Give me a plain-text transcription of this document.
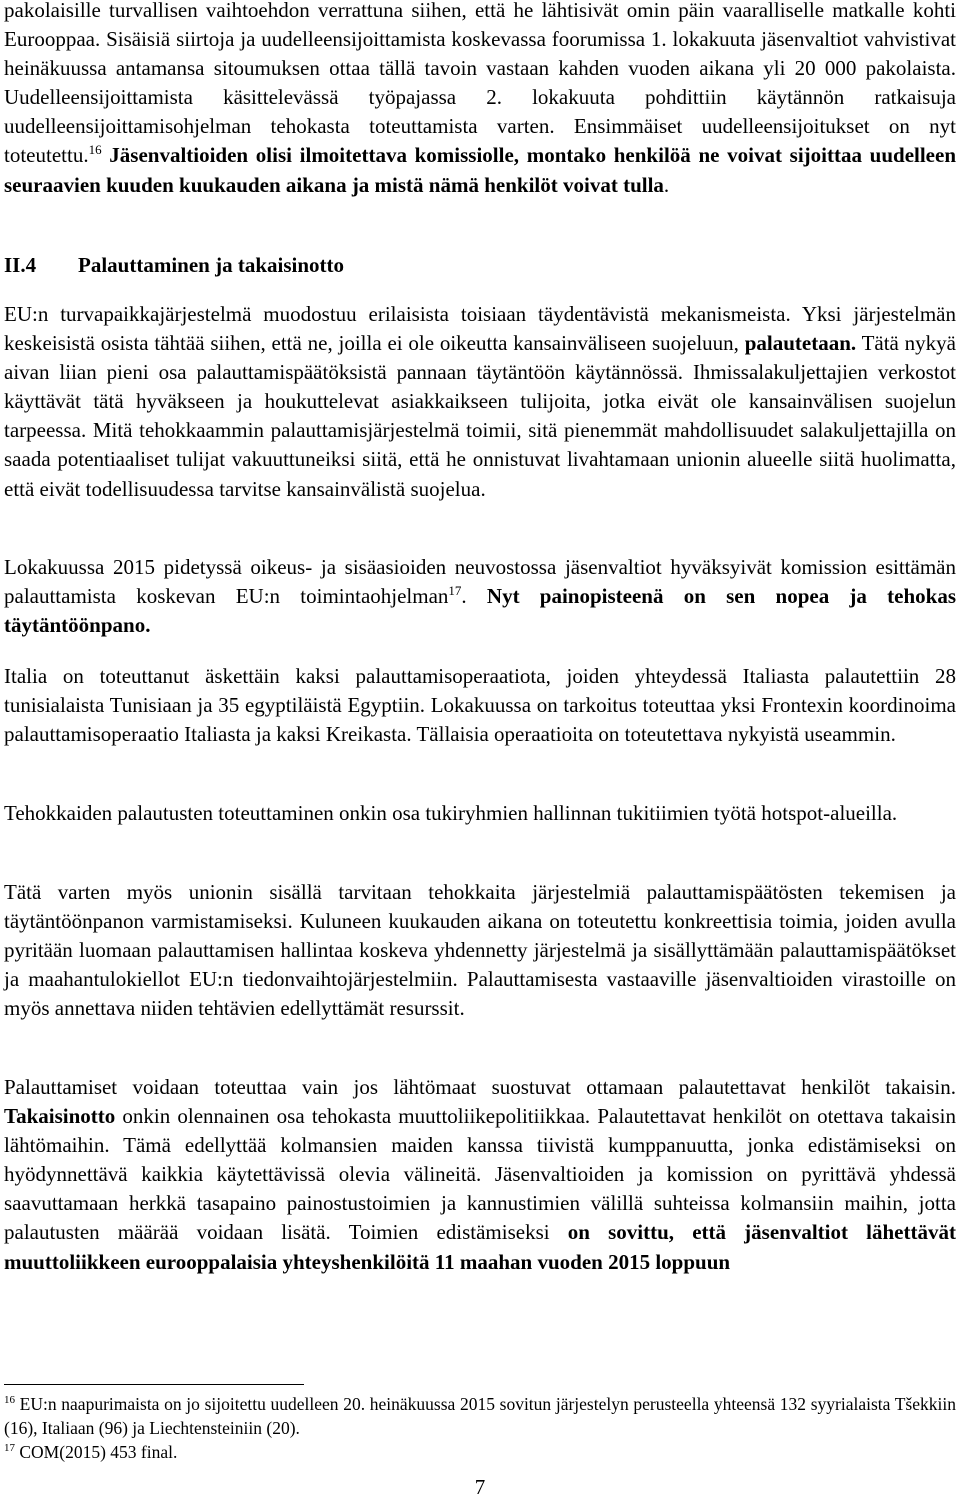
pakolaisille turvallisen vaihtoehdon verrattuna siihen, että he lähtisivät omin päin vaaralliselle matkalle kohti Eurooppaa. Sisäisiä siirtoja ja uudelleensijoittamista koskevassa foorumissa 1. lokakuuta jäsenvaltiot vahvistivat heinäkuussa antamansa sitoumuksen ottaa tällä tavoin vastaan kahden vuoden aikana yli 20 000 pakolaista. Uudelleensijoittamista käsittelevässä työpajassa 2. lokakuuta pohdittiin käytännön ratkaisuja uudelleensijoittamisohjelman tehokasta toteuttamista varten. Ensimmäiset uudelleensijoitukset on nyt toteutettu.$^{16}$ Jäsenvaltioiden olisi ilmoitettava komissiolle, montako henkilöä ne voivat sijoittaa uudelleen seuraavien kuuden kuukauden aikana ja mistä nämä henkilöt voivat tulla.

II.4 Palauttaminen ja takaisinotto

EU:n turvapaikkajärjestelmä muodostuu erilaisista toisiaan täydentävistä mekanismeista. Yksi järjestelmän keskeisistä osista tähtää siihen, että ne, joilla ei ole oikeutta kansainväliseen suojeluun, palautetaan. Tätä nykyä aivan liian pieni osa palauttamispäätöksistä pannaan täytäntöön käytännössä. Ihmissalakuljettajien verkostot käyttävät tätä hyväkseen ja houkuttelevat asiakkaikseen tulijoita, jotka eivät ole kansainvälisen suojelun tarpeessa. Mitä tehokkaammin palauttamisjärjestelmä toimii, sitä pienemmät mahdollisuudet salakuljettajilla on saada potentiaaliset tulijat vakuuttuneiksi siitä, että he onnistuvat livahtamaan unionin alueelle siitä huolimatta, että eivät todellisuudessa tarvitse kansainvälistä suojelua.

Lokakuussa 2015 pidetyssä oikeus- ja sisäasioiden neuvostossa jäsenvaltiot hyväksyivät komission esittämän palauttamista koskevan EU:n toimintaohjelman$^{17}$. Nyt painopisteenä on sen nopea ja tehokas täytäntöönpano.

Italia on toteuttanut äskettäin kaksi palauttamisoperaatiota, joiden yhteydessä Italiasta palautettiin 28 tunisialaista Tunisiaan ja 35 egyptiläistä Egyptiin. Lokakuussa on tarkoitus toteuttaa yksi Frontexin koordinoima palauttamisoperaatio Italiasta ja kaksi Kreikasta. Tällaisia operaatioita on toteutettava nykyistä useammin.

Tehokkaiden palautusten toteuttaminen onkin osa tukiryhmien hallinnan tukitiimien työtä hotspot-alueilla.

Tätä varten myös unionin sisällä tarvitaan tehokkaita järjestelmiä palauttamispäätösten tekemisen ja täytäntöönpanon varmistamiseksi. Kuluneen kuukauden aikana on toteutettu konkreettisia toimia, joiden avulla pyritään luomaan palauttamisen hallintaa koskeva yhdennetty järjestelmä ja sisällyttämään palauttamispäätökset ja maahantulokiellot EU:n tiedonvaihtojärjestelmiin. Palauttamisesta vastaaville jäsenvaltioiden virastoille on myös annettava niiden tehtävien edellyttämät resurssit.

Palauttamiset voidaan toteuttaa vain jos lähtömaat suostuvat ottamaan palautettavat henkilöt takaisin. Takaisinotto onkin olennainen osa tehokasta muuttoliikepolitiikkaa. Palautettavat henkilöt on otettava takaisin lähtömaihin. Tämä edellyttää kolmansien maiden kanssa tiivistä kumppanuutta, jonka edistämiseksi on hyödynnettävä kaikkia käytettävissä olevia välineitä. Jäsenvaltioiden ja komission on pyrittävä yhdessä saavuttamaan herkkä tasapaino painostustoimien ja kannustimien välillä suhteissa kolmansiin maihin, jotta palautusten määrää voidaan lisätä. Toimien edistämiseksi on sovittu, että jäsenvaltiot lähettävät muuttoliikkeen eurooppalaisia yhteyshenkilöitä 11 maahan vuoden 2015 loppuun

$^{16}$ EU:n naapurimaista on jo sijoitettu uudelleen 20. heinäkuussa 2015 sovitun järjestelyn perusteella yhteensä 132 syyrialaista Tšekkiin (16), Italiaan (96) ja Liechtensteiniin (20).

$^{17}$ COM(2015) 453 final.

7
